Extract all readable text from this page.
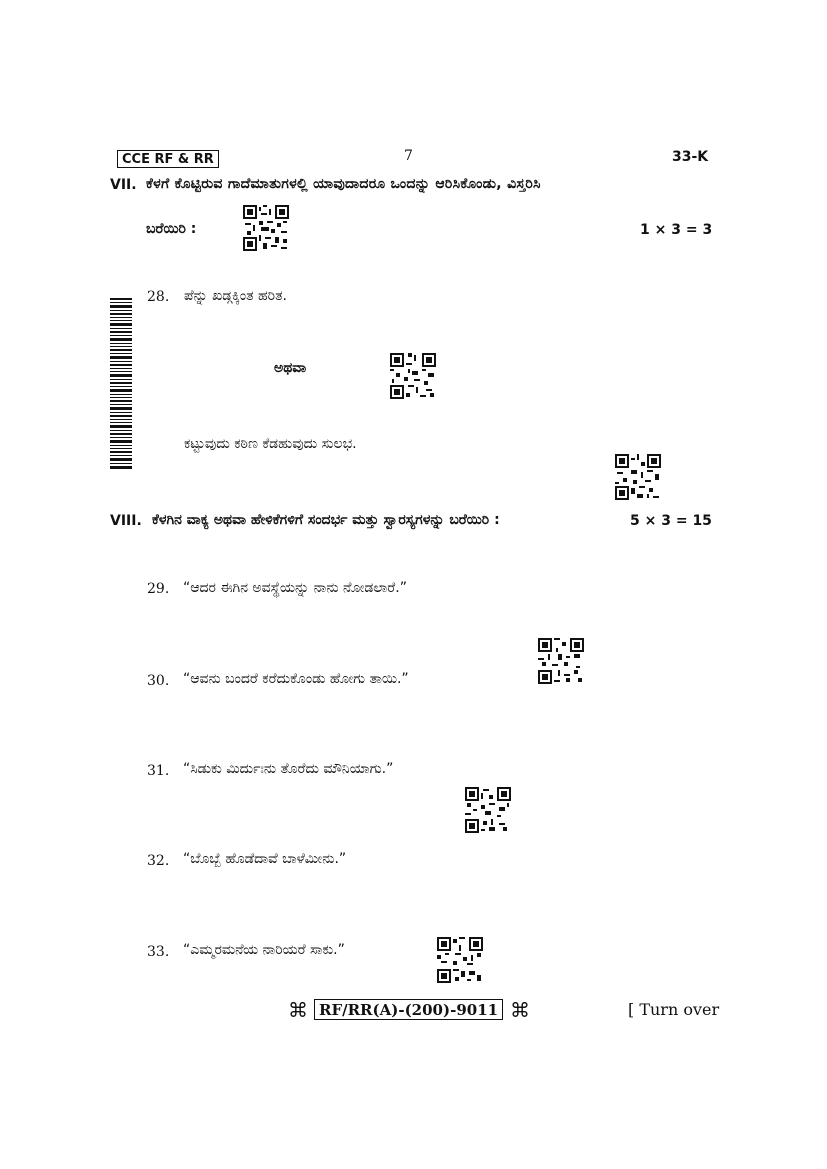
CCE RF & RR	7	33-K
VII. ಕೆಳಗೆ ಕೊಟ್ಟಿರುವ ಗಾದೆಮಾತುಗಳಲ್ಲಿ ಯಾವುದಾದರೂ ಒಂದನ್ನು ಆರಿಸಿಕೊಂಡು, ವಿಸ್ತರಿಸಿ
ಬರೆಯಿರಿ :	1 × 3 = 3
28. ಪೆನ್ನು ಖಡ್ಗಕ್ಕಿಂತ ಹರಿತ.
ಅಥವಾ
ಕಟ್ಟುವುದು ಕಠಿಣ ಕೆಡಹುವುದು ಸುಲಭ.
VIII. ಕೆಳಗಿನ ವಾಕ್ಯ ಅಥವಾ ಹೇಳಿಕೆಗಳಿಗೆ ಸಂದರ್ಭ ಮತ್ತು ಸ್ವಾರಸ್ಯಗಳನ್ನು ಬರೆಯಿರಿ :	5 × 3 = 15
29. “ಆದರ ಈಗಿನ ಅವಸ್ಥೆಯನ್ನು ನಾನು ನೋಡಲಾರೆ.”
30. “ಆವನು ಬಂದರೆ ಕರೆದುಕೊಂಡು ಹೋಗು ತಾಯಿ.”
31. “ಸಿಡುಕು ಮಿರ್ದುಃನು ತೊರೆದು ಮೌನಿಯಾಗು.”
32. “ಬೊಬ್ಬೆ ಹೊಡೆದಾವೆ ಬಾಳೆಮೀನು.”
33. “ಎಮ್ಮರಮನೆಯ ನಾರಿಯರೆ ಸಾಕು.”
⌘ RF/RR(A)-(200)-9011 ⌘	[ Turn over
